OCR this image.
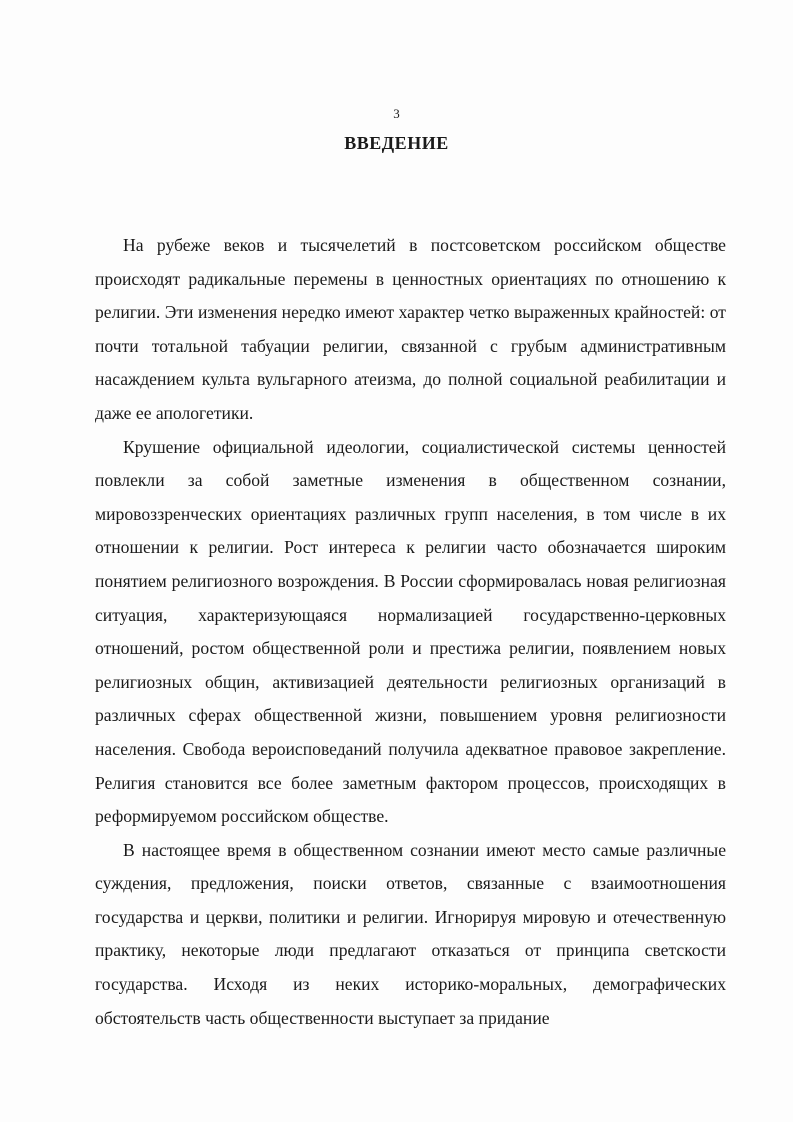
3
ВВЕДЕНИЕ

На рубеже веков и тысячелетий в постсоветском российском обществе происходят радикальные перемены в ценностных ориентациях по отношению к религии. Эти изменения нередко имеют характер четко выраженных крайностей: от почти тотальной табуации религии, связанной с грубым административным насаждением культа вульгарного атеизма, до полной социальной реабилитации и даже ее апологетики.

Крушение официальной идеологии, социалистической системы ценностей повлекли за собой заметные изменения в общественном сознании, мировоззренческих ориентациях различных групп населения, в том числе в их отношении к религии. Рост интереса к религии часто обозначается широким понятием религиозного возрождения. В России сформировалась новая религиозная ситуация, характеризующаяся нормализацией государственно-церковных отношений, ростом общественной роли и престижа религии, появлением новых религиозных общин, активизацией деятельности религиозных организаций в различных сферах общественной жизни, повышением уровня религиозности населения. Свобода вероисповеданий получила адекватное правовое закрепление. Религия становится все более заметным фактором процессов, происходящих в реформируемом российском обществе.

В настоящее время в общественном сознании имеют место самые различные суждения, предложения, поиски ответов, связанные с взаимоотношения государства и церкви, политики и религии. Игнорируя мировую и отечественную практику, некоторые люди предлагают отказаться от принципа светскости государства. Исходя из неких историко-моральных, демографических обстоятельств часть общественности выступает за придание
